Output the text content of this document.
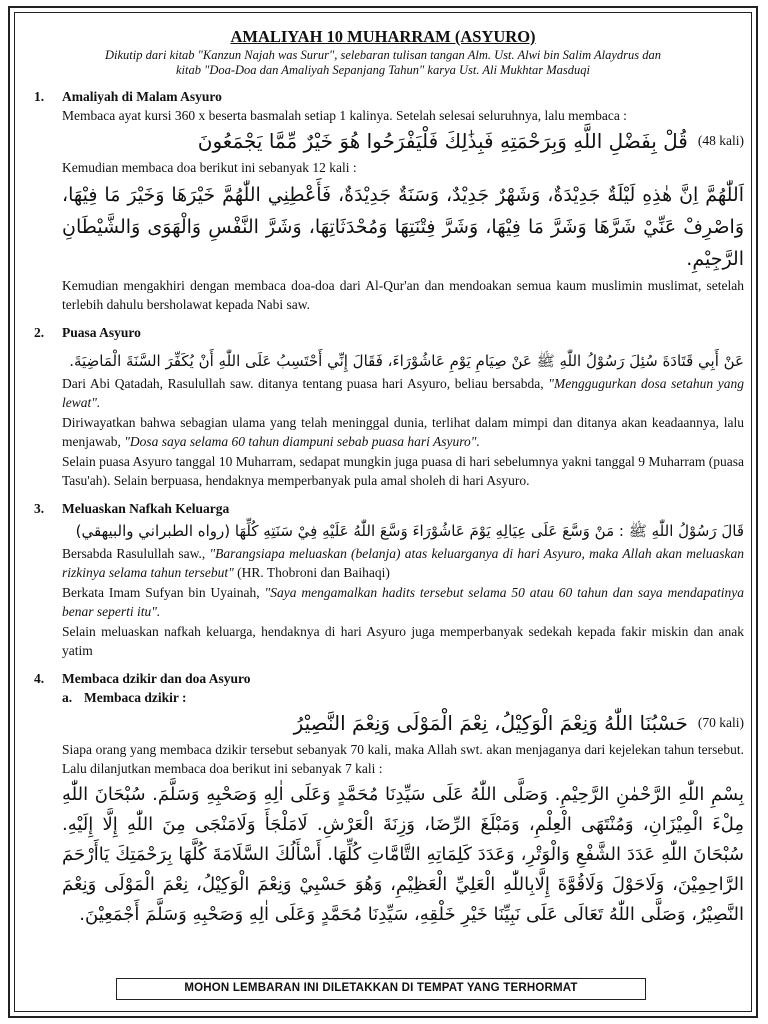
AMALIYAH 10 MUHARRAM (ASYURO)

Dikutip dari kitab "Kanzun Najah was Surur", selebaran tulisan tangan Alm. Ust. Alwi bin Salim Alaydrus dan

kitab "Doa-Doa dan Amaliyah Sepanjang Tahun" karya Ust. Ali Mukhtar Masduqi

1. Amaliyah di Malam Asyuro

Membaca ayat kursi 360 x beserta basmalah setiap 1 kalinya. Setelah selesai seluruhnya, lalu membaca :

قُلْ بِفَضْلِ اللَّهِ وَبِرَحْمَتِهِ فَبِذَٰلِكَ فَلْيَفْرَحُوا هُوَ خَيْرٌ مِّمَّا يَجْمَعُونَ (48 kali)

Kemudian membaca doa berikut ini sebanyak 12 kali :

اَللّٰهُمَّ اِنَّ هٰذِهِ لَيْلَةٌ جَدِيْدَةٌ، وَشَهْرٌ جَدِيْدٌ، وَسَنَةٌ جَدِيْدَةٌ، فَأَعْطِنِي اللّٰهُمَّ خَيْرَهَا وَخَيْرَ مَا فِيْهَا، وَاصْرِفْ عَنِّيْ شَرَّهَا وَشَرَّ مَا فِيْهَا، وَشَرَّ فِتْنَتِهَا وَمُحْدَثَاتِهَا، وَشَرَّ النَّفْسِ وَالْهَوَى وَالشَّيْطَانِ الرَّجِيْمِ.

Kemudian mengakhiri dengan membaca doa-doa dari Al-Qur'an dan mendoakan semua kaum muslimin muslimat, setelah terlebih dahulu bersholawat kepada Nabi saw.

2. Puasa Asyuro

عَنْ أَبِي قَتَادَةَ سُئِلَ رَسُوْلُ اللّٰهِ ﷺ عَنْ صِيَامِ يَوْمِ عَاشُوْرَاءَ، فَقَالَ إِنِّي أَحْتَسِبُ عَلَى اللّٰهِ أَنْ يُكَفِّرَ السَّنَةَ الْمَاضِيَةَ.

Dari Abi Qatadah, Rasulullah saw. ditanya tentang puasa hari Asyuro, beliau bersabda, "Menggugurkan dosa setahun yang lewat".

Diriwayatkan bahwa sebagian ulama yang telah meninggal dunia, terlihat dalam mimpi dan ditanya akan keadaannya, lalu menjawab, "Dosa saya selama 60 tahun diampuni sebab puasa hari Asyuro".

Selain puasa Asyuro tanggal 10 Muharram, sedapat mungkin juga puasa di hari sebelumnya yakni tanggal 9 Muharram (puasa Tasu'ah). Selain berpuasa, hendaknya memperbanyak pula amal sholeh di hari Asyuro.

3. Meluaskan Nafkah Keluarga

قَالَ رَسُوْلُ اللّٰهِ ﷺ : مَنْ وَسَّعَ عَلَى عِيَالِهِ يَوْمَ عَاشُوْرَاءَ وَسَّعَ اللّٰهُ عَلَيْهِ فِيْ سَنَتِهِ كُلِّهَا (رواه الطبراني والبيهقي)

Bersabda Rasulullah saw., "Barangsiapa meluaskan (belanja) atas keluarganya di hari Asyuro, maka Allah akan meluaskan rizkinya selama tahun tersebut" (HR. Thobroni dan Baihaqi)

Berkata Imam Sufyan bin Uyainah, "Saya mengamalkan hadits tersebut selama 50 atau 60 tahun dan saya mendapatinya benar seperti itu".

Selain meluaskan nafkah keluarga, hendaknya di hari Asyuro juga memperbanyak sedekah kepada fakir miskin dan anak yatim

4. Membaca dzikir dan doa Asyuro
a. Membaca dzikir :
حَسْبُنَا اللّٰهُ وَنِعْمَ الْوَكِيْلُ، نِعْمَ الْمَوْلَى وَنِعْمَ النَّصِيْرُ (70 kali)

Siapa orang yang membaca dzikir tersebut sebanyak 70 kali, maka Allah swt. akan menjaganya dari kejelekan tahun tersebut. Lalu dilanjutkan membaca doa berikut ini sebanyak 7 kali :

بِسْمِ اللّٰهِ الرَّحْمٰنِ الرَّحِيْمِ. وَصَلَّى اللّٰهُ عَلَى سَيِّدِنَا مُحَمَّدٍ وَعَلَى اٰلِهِ وَصَحْبِهِ وَسَلَّمَ. سُبْحَانَ اللّٰهِ مِلْءَ الْمِيْزَانِ، وَمُنْتَهَى الْعِلْمِ، وَمَبْلَغَ الرِّضَا، وَزِنَةَ الْعَرْشِ. لَامَلْجَأَ وَلَامَنْجَى مِنَ اللّٰهِ إِلَّا إِلَيْهِ. سُبْحَانَ اللّٰهِ عَدَدَ الشَّفْعِ وَالْوَتْرِ، وَعَدَدَ كَلِمَاتِهِ التَّامَّاتِ كُلِّهَا. أَسْأَلُكَ السَّلَامَةَ كُلَّهَا بِرَحْمَتِكَ يَاأَرْحَمَ الرَّاحِمِيْنَ، وَلَاحَوْلَ وَلَاقُوَّةَ إِلَّابِاللّٰهِ الْعَلِيِّ الْعَظِيْمِ، وَهُوَ حَسْبِيْ وَنِعْمَ الْوَكِيْلُ، نِعْمَ الْمَوْلَى وَنِعْمَ النَّصِيْرُ، وَصَلَّى اللّٰهُ تَعَالَى عَلَى نَبِيِّنَا خَيْرِ خَلْقِهِ، سَيِّدِنَا مُحَمَّدٍ وَعَلَى اٰلِهِ وَصَحْبِهِ وَسَلَّمَ أَجْمَعِيْنَ.

MOHON LEMBARAN INI DILETAKKAN DI TEMPAT YANG TERHORMAT
